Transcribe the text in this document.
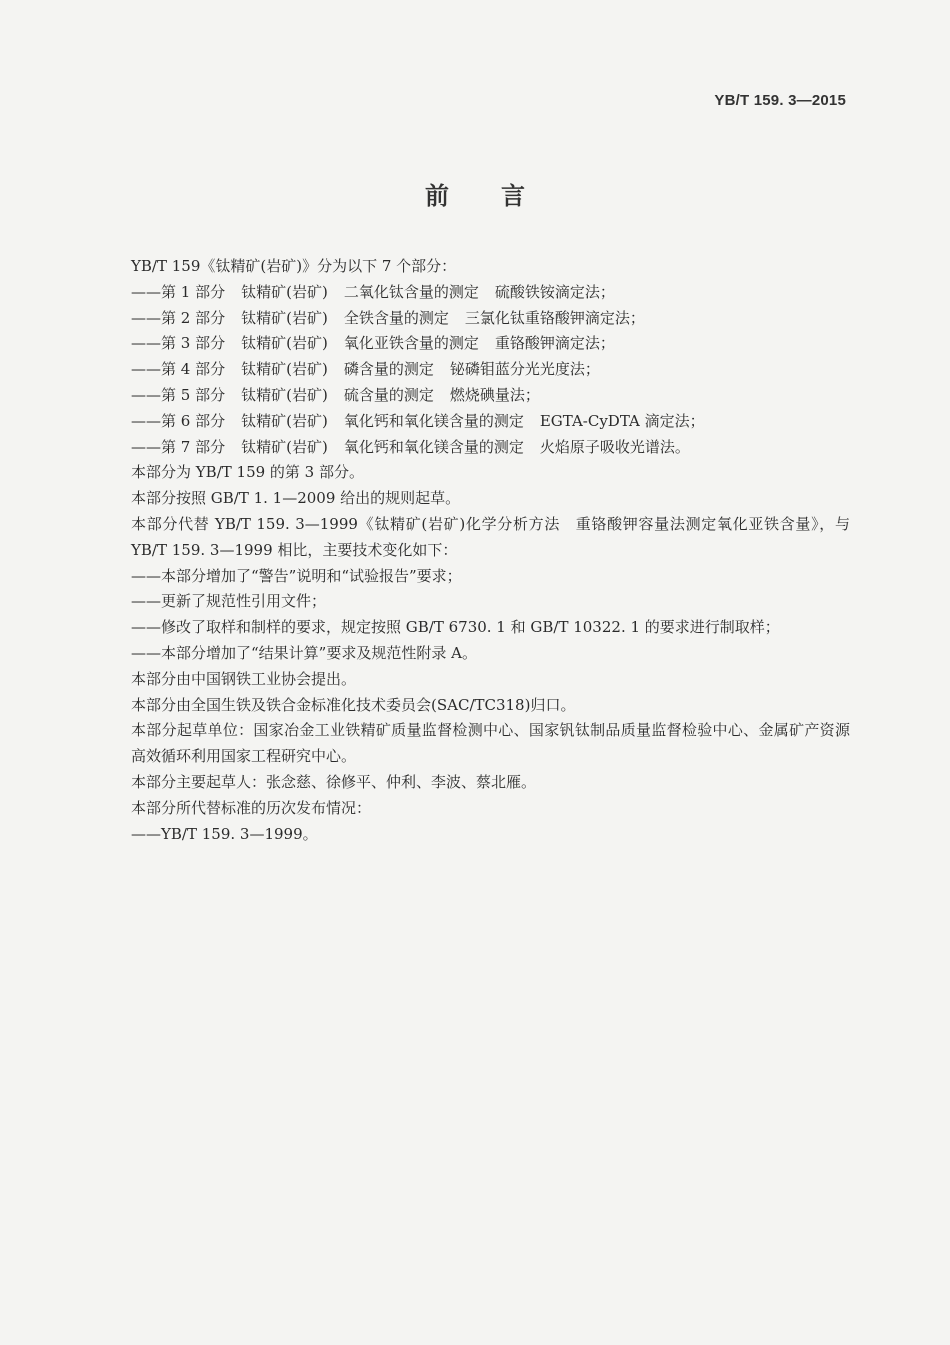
YB/T 159. 3—2015
前 言
YB/T 159《钛精矿(岩矿)》分为以下 7 个部分：
——第 1 部分 钛精矿(岩矿) 二氧化钛含量的测定 硫酸铁铵滴定法；
——第 2 部分 钛精矿(岩矿) 全铁含量的测定 三氯化钛重铬酸钾滴定法；
——第 3 部分 钛精矿(岩矿) 氧化亚铁含量的测定 重铬酸钾滴定法；
——第 4 部分 钛精矿(岩矿) 磷含量的测定 铋磷钼蓝分光光度法；
——第 5 部分 钛精矿(岩矿) 硫含量的测定 燃烧碘量法；
——第 6 部分 钛精矿(岩矿) 氧化钙和氧化镁含量的测定 EGTA-CyDTA 滴定法；
——第 7 部分 钛精矿(岩矿) 氧化钙和氧化镁含量的测定 火焰原子吸收光谱法。
本部分为 YB/T 159 的第 3 部分。
本部分按照 GB/T 1. 1—2009 给出的规则起草。
本部分代替 YB/T 159. 3—1999《钛精矿(岩矿)化学分析方法　重铬酸钾容量法测定氧化亚铁含量》，与 YB/T 159. 3—1999 相比，主要技术变化如下：
——本部分增加了“警告”说明和“试验报告”要求；
——更新了规范性引用文件；
——修改了取样和制样的要求，规定按照 GB/T 6730. 1 和 GB/T 10322. 1 的要求进行制取样；
——本部分增加了“结果计算”要求及规范性附录 A。
本部分由中国钢铁工业协会提出。
本部分由全国生铁及铁合金标准化技术委员会(SAC/TC318)归口。
本部分起草单位：国家冶金工业铁精矿质量监督检测中心、国家钒钛制品质量监督检验中心、金属矿产资源高效循环利用国家工程研究中心。
本部分主要起草人：张念慈、徐修平、仲利、李波、蔡北雁。
本部分所代替标准的历次发布情况：
——YB/T 159. 3—1999。
